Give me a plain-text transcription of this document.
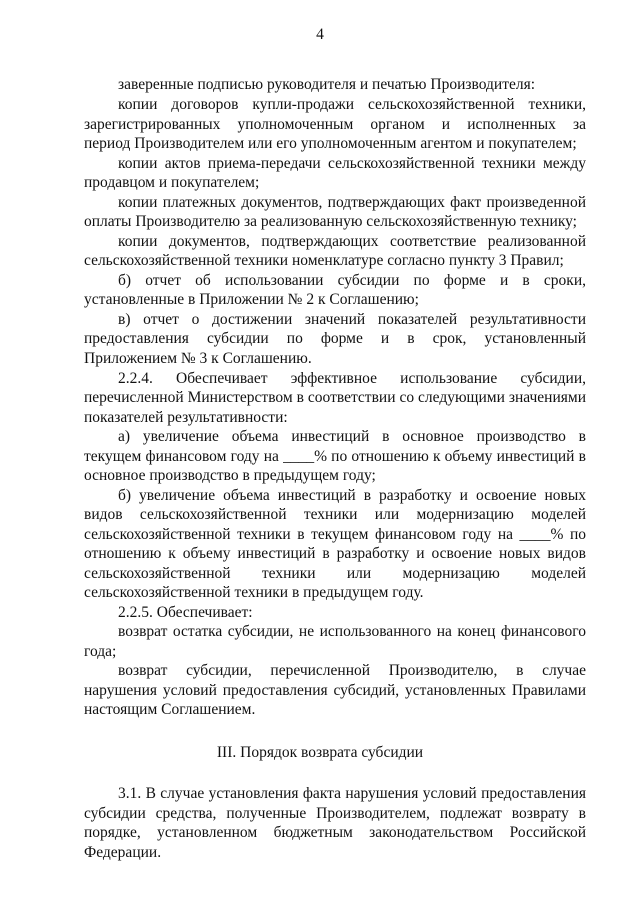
4
заверенные подписью руководителя и печатью Производителя:
копии договоров купли-продажи сельскохозяйственной техники,
зарегистрированных уполномоченным органом и исполненных за
период Производителем или его уполномоченным агентом и покупателем;
копии актов приема-передачи сельскохозяйственной техники между
продавцом и покупателем;
копии платежных документов, подтверждающих факт произведенной
оплаты Производителю за реализованную сельскохозяйственную технику;
копии документов, подтверждающих соответствие реализованной
сельскохозяйственной техники номенклатуре согласно пункту 3 Правил;
б) отчет об использовании субсидии по форме и в сроки,
установленные в Приложении № 2 к Соглашению;
в) отчет о достижении значений показателей результативности
предоставления субсидии по форме и в срок, установленный
Приложением № 3 к Соглашению.
2.2.4. Обеспечивает эффективное использование субсидии,
перечисленной Министерством в соответствии со следующими значениями
показателей результативности:
а) увеличение объема инвестиций в основное производство в
текущем финансовом году на ____% по отношению к объему инвестиций в
основное производство в предыдущем году;
б) увеличение объема инвестиций в разработку и освоение новых
видов сельскохозяйственной техники или модернизацию моделей
сельскохозяйственной техники в текущем финансовом году на ____% по
отношению к объему инвестиций в разработку и освоение новых видов
сельскохозяйственной техники или модернизацию моделей
сельскохозяйственной техники в предыдущем году.
2.2.5. Обеспечивает:
возврат остатка субсидии, не использованного на конец финансового
года;
возврат субсидии, перечисленной Производителю, в случае
нарушения условий предоставления субсидий, установленных Правилами
настоящим Соглашением.
III. Порядок возврата субсидии
3.1. В случае установления факта нарушения условий предоставления
субсидии средства, полученные Производителем, подлежат возврату в
порядке, установленном бюджетным законодательством Российской
Федерации.
